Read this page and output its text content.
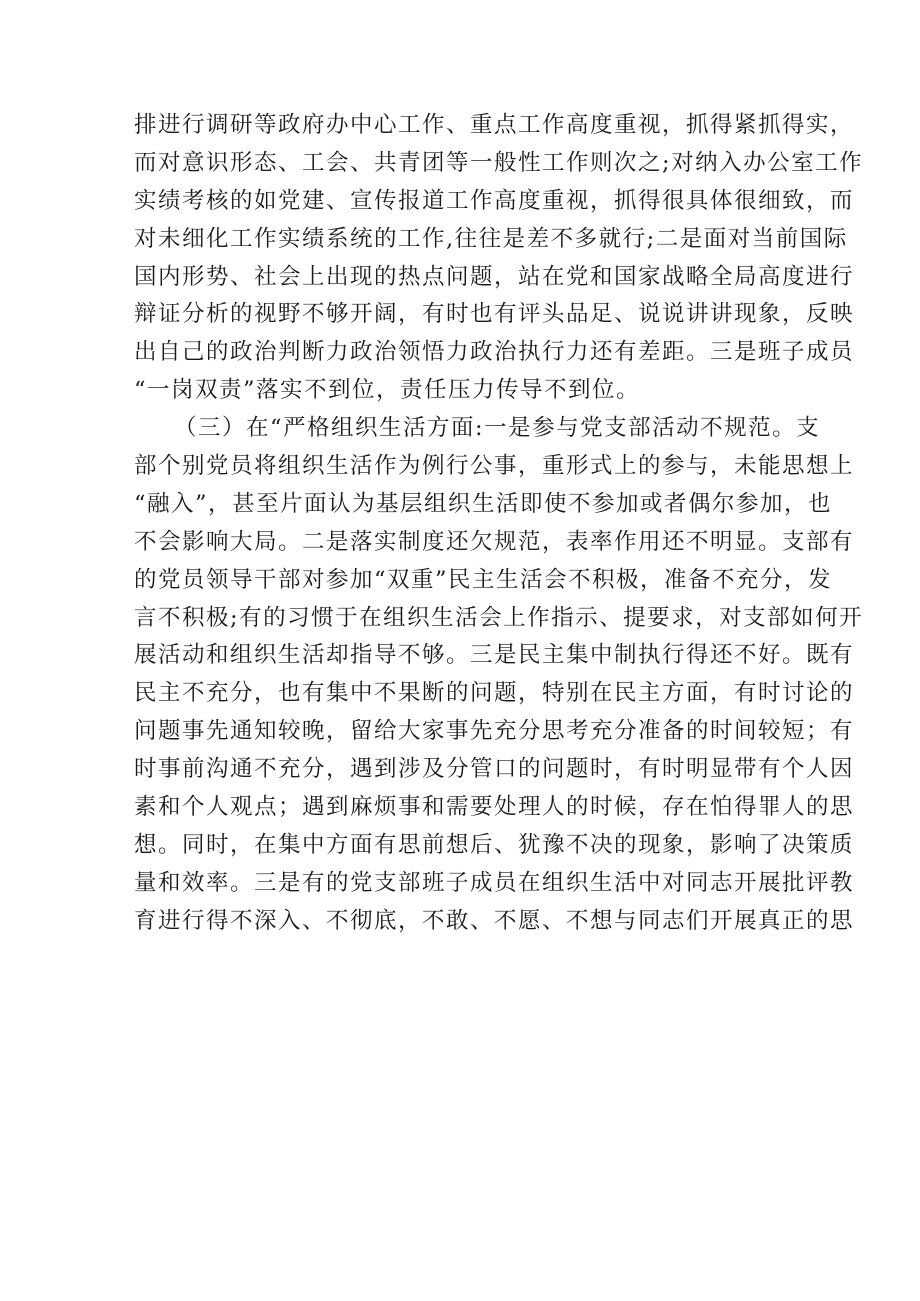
排进行调研等政府办中心工作、重点工作高度重视，抓得紧抓得实，
而对意识形态、工会、共青团等一般性工作则次之;对纳入办公室工作
实绩考核的如党建、宣传报道工作高度重视，抓得很具体很细致，而
对未细化工作实绩系统的工作,往往是差不多就行;二是面对当前国际
国内形势、社会上出现的热点问题，站在党和国家战略全局高度进行
辩证分析的视野不够开阔，有时也有评头品足、说说讲讲现象，反映
出自己的政治判断力政治领悟力政治执行力还有差距。三是班子成员
“一岗双责”落实不到位，责任压力传导不到位。
（三）在“严格组织生活方面:一是参与党支部活动不规范。支
部个别党员将组织生活作为例行公事，重形式上的参与，未能思想上
“融入”，甚至片面认为基层组织生活即使不参加或者偶尔参加，也
不会影响大局。二是落实制度还欠规范，表率作用还不明显。支部有
的党员领导干部对参加“双重”民主生活会不积极，准备不充分，发
言不积极;有的习惯于在组织生活会上作指示、提要求，对支部如何开
展活动和组织生活却指导不够。三是民主集中制执行得还不好。既有
民主不充分，也有集中不果断的问题，特别在民主方面，有时讨论的
问题事先通知较晚，留给大家事先充分思考充分准备的时间较短；有
时事前沟通不充分，遇到涉及分管口的问题时，有时明显带有个人因
素和个人观点；遇到麻烦事和需要处理人的时候，存在怕得罪人的思
想。同时，在集中方面有思前想后、犹豫不决的现象，影响了决策质
量和效率。三是有的党支部班子成员在组织生活中对同志开展批评教
育进行得不深入、不彻底，不敢、不愿、不想与同志们开展真正的思
